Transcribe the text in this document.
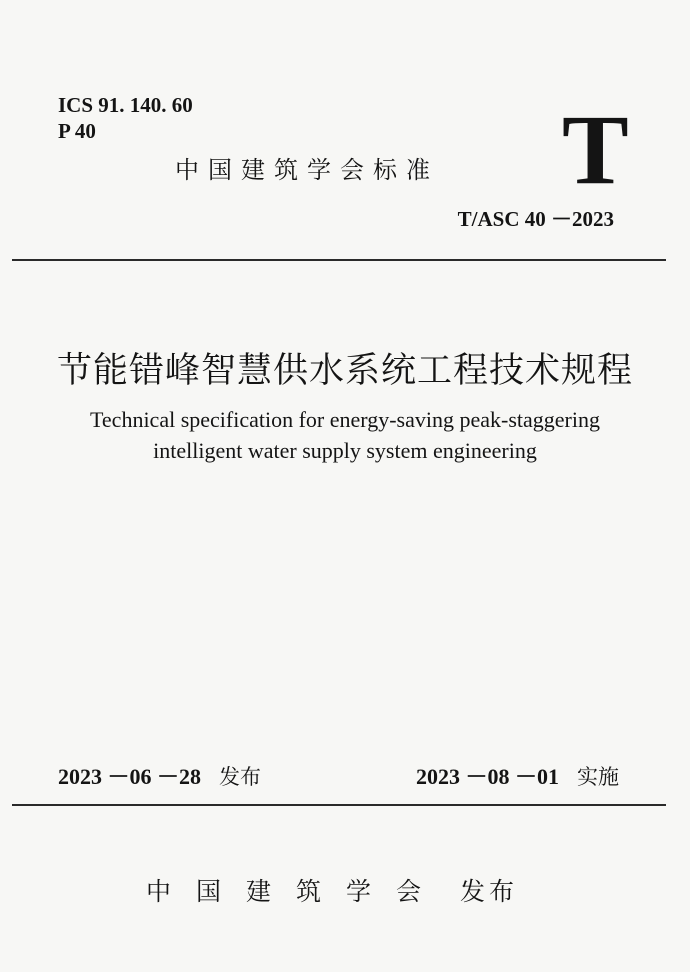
ICS 91. 140. 60
P 40
中国建筑学会标准 T
T/ASC 40 －2023
节能错峰智慧供水系统工程技术规程
Technical specification for energy-saving peak-staggering
intelligent water supply system engineering
2023 －06 －28 发布	2023 －08 －01 实施
中国建筑学会 发布
